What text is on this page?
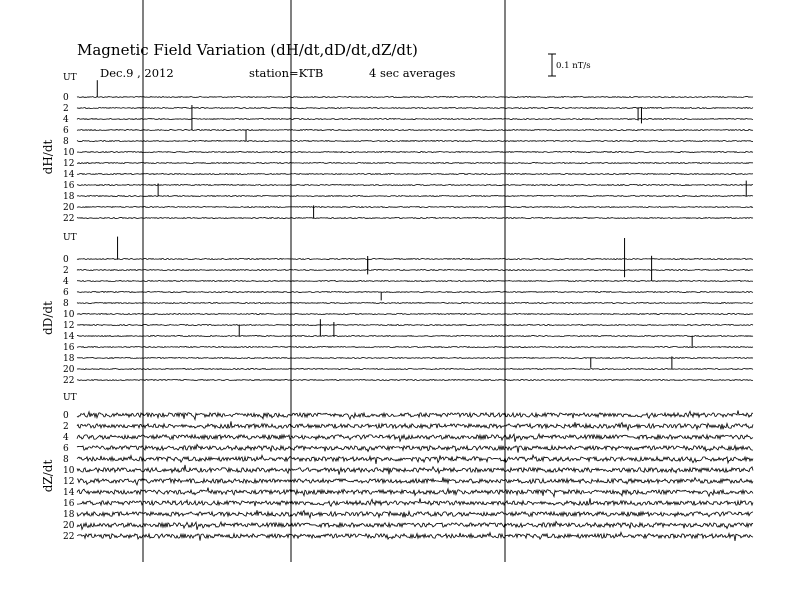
Magnetic Field Variation (dH/dt,dD/dt,dZ/dt)
Dec.9 , 2012	station=KTB	4 sec averages	0.1 nT/s
UT
dH/dt
0
2
4
6
8
10
12
14
16
18
20
22
UT
dD/dt
0
2
4
6
8
10
12
14
16
18
20
22
UT
dZ/dt
0
2
4
6
8
10
12
14
16
18
20
22
